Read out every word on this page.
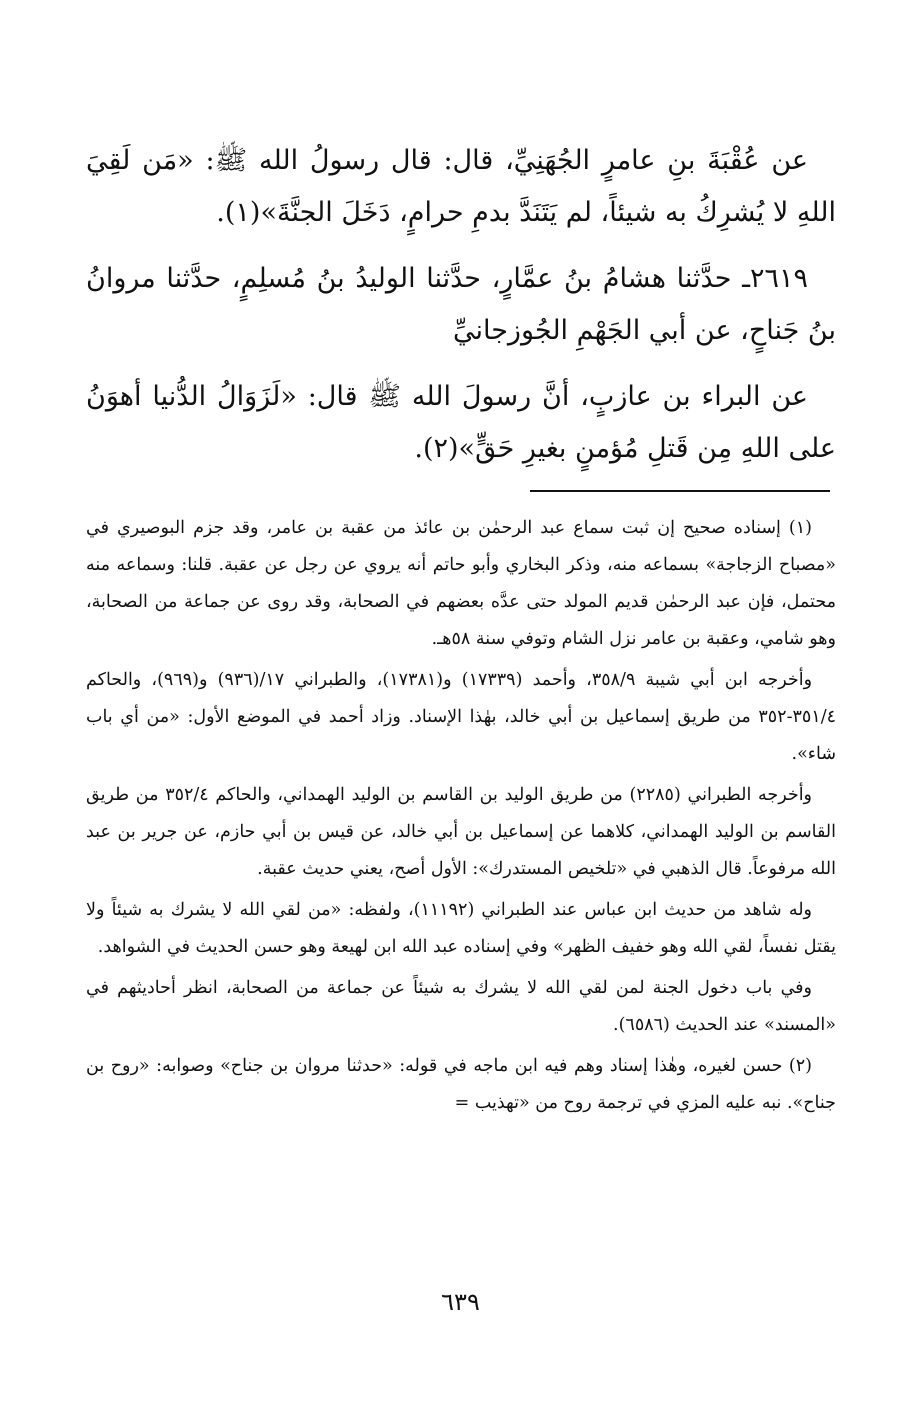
عن عُقْبَةَ بنِ عامرٍ الجُهَنِيِّ، قال: قال رسولُ الله ﷺ: «مَن لَقِيَ اللهِ لا يُشرِكُ به شيئاً، لم يَتَنَدَّ بدمِ حرامٍ، دَخَلَ الجنَّةَ»(١).

٢٦١٩ـ حدَّثنا هشامُ بنُ عمَّارٍ، حدَّثنا الوليدُ بنُ مُسلِمٍ، حدَّثنا مروانُ بنُ جَناحٍ، عن أبي الجَهْمِ الجُوزجانيِّ

عن البراء بن عازبٍ، أنَّ رسولَ الله ﷺ قال: «لَزَوَالُ الدُّنيا أهوَنُ على اللهِ مِن قَتلِ مُؤمنٍ بغيرِ حَقٍّ»(٢).

(١) إسناده صحيح إن ثبت سماع عبد الرحمٰن بن عائذ من عقبة بن عامر، وقد جزم البوصيري في «مصباح الزجاجة» بسماعه منه، وذكر البخاري وأبو حاتم أنه يروي عن رجل عن عقبة. قلنا: وسماعه منه محتمل، فإن عبد الرحمٰن قديم المولد حتى عدَّه بعضهم في الصحابة، وقد روى عن جماعة من الصحابة، وهو شامي، وعقبة بن عامر نزل الشام وتوفي سنة ٥٨هـ.

وأخرجه ابن أبي شيبة ٣٥٨/٩، وأحمد (١٧٣٣٩) و(١٧٣٨١)، والطبراني ١٧/(٩٣٦) و(٩٦٩)، والحاكم ٣٥١/٤-٣٥٢ من طريق إسماعيل بن أبي خالد، بهٰذا الإسناد. وزاد أحمد في الموضع الأول: «من أي باب شاء».

وأخرجه الطبراني (٢٢٨٥) من طريق الوليد بن القاسم بن الوليد الهمداني، والحاكم ٣٥٢/٤ من طريق القاسم بن الوليد الهمداني، كلاهما عن إسماعيل بن أبي خالد، عن قيس بن أبي حازم، عن جرير بن عبد الله مرفوعاً. قال الذهبي في «تلخيص المستدرك»: الأول أصح، يعني حديث عقبة.

وله شاهد من حديث ابن عباس عند الطبراني (١١١٩٢)، ولفظه: «من لقي الله لا يشرك به شيئاً ولا يقتل نفساً، لقي الله وهو خفيف الظهر» وفي إسناده عبد الله ابن لهيعة وهو حسن الحديث في الشواهد.

وفي باب دخول الجنة لمن لقي الله لا يشرك به شيئاً عن جماعة من الصحابة، انظر أحاديثهم في «المسند» عند الحديث (٦٥٨٦).

(٢) حسن لغيره، وهٰذا إسناد وهم فيه ابن ماجه في قوله: «حدثنا مروان بن جناح» وصوابه: «روح بن جناح». نبه عليه المزي في ترجمة روح من «تهذيب =

٦٣٩
